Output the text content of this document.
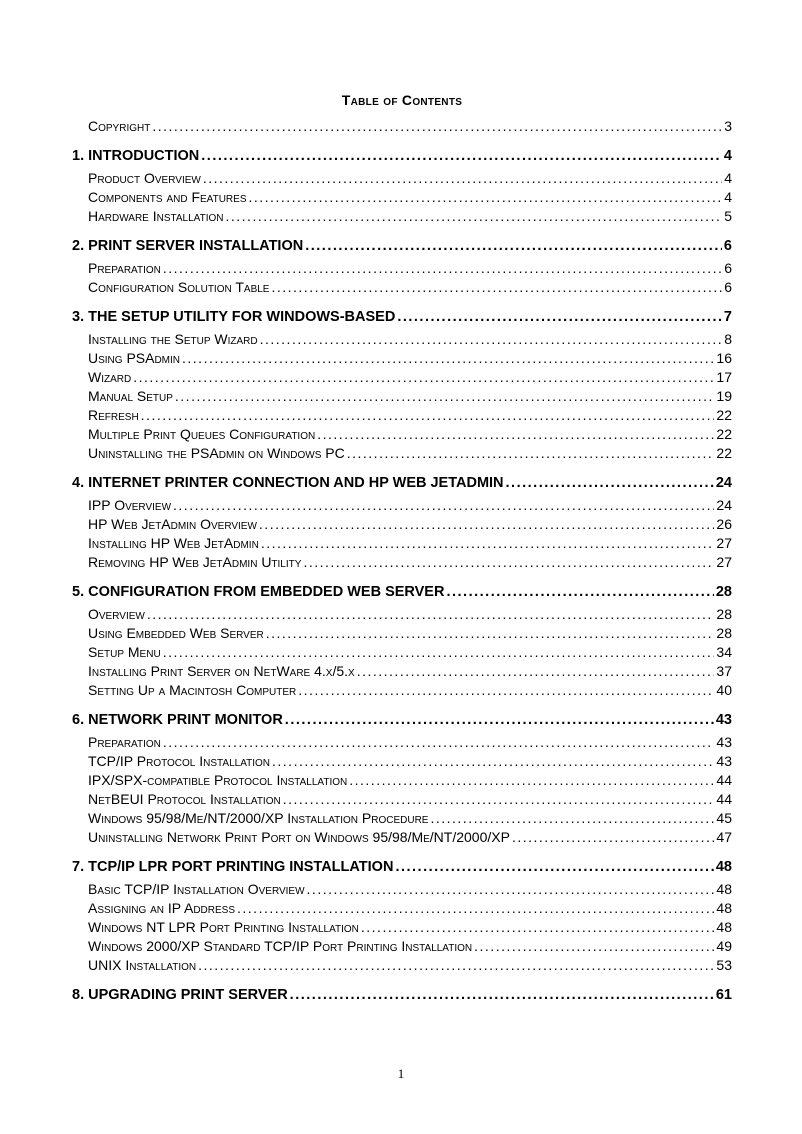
Table of Contents
Copyright .....	3
1. INTRODUCTION .....	4
Product Overview .....	4
Components and Features .....	4
Hardware Installation .....	5
2. PRINT SERVER INSTALLATION .....	6
Preparation .....	6
Configuration Solution Table .....	6
3. THE SETUP UTILITY FOR WINDOWS-BASED .....	7
Installing the Setup Wizard .....	8
Using PSAdmin .....	16
Wizard .....	17
Manual Setup .....	19
Refresh .....	22
Multiple Print Queues Configuration .....	22
Uninstalling the PSAdmin on Windows PC .....	22
4. INTERNET PRINTER CONNECTION AND HP WEB JETADMIN .....	24
IPP Overview .....	24
HP Web JetAdmin Overview .....	26
Installing HP Web JetAdmin .....	27
Removing HP Web JetAdmin Utility .....	27
5. CONFIGURATION FROM EMBEDDED WEB SERVER .....	28
Overview .....	28
Using Embedded Web Server .....	28
Setup Menu .....	34
Installing Print Server on NetWare 4.x/5.x .....	37
Setting Up a Macintosh Computer .....	40
6. NETWORK PRINT MONITOR .....	43
Preparation .....	43
TCP/IP Protocol Installation .....	43
IPX/SPX-compatible Protocol Installation .....	44
NetBEUI Protocol Installation .....	44
Windows 95/98/Me/NT/2000/XP Installation Procedure .....	45
Uninstalling Network Print Port on Windows 95/98/Me/NT/2000/XP .....	47
7. TCP/IP LPR PORT PRINTING INSTALLATION .....	48
Basic TCP/IP Installation Overview .....	48
Assigning an IP Address .....	48
Windows NT LPR Port Printing Installation .....	48
Windows 2000/XP Standard TCP/IP Port Printing Installation .....	49
UNIX Installation .....	53
8. UPGRADING PRINT SERVER .....	61
1
